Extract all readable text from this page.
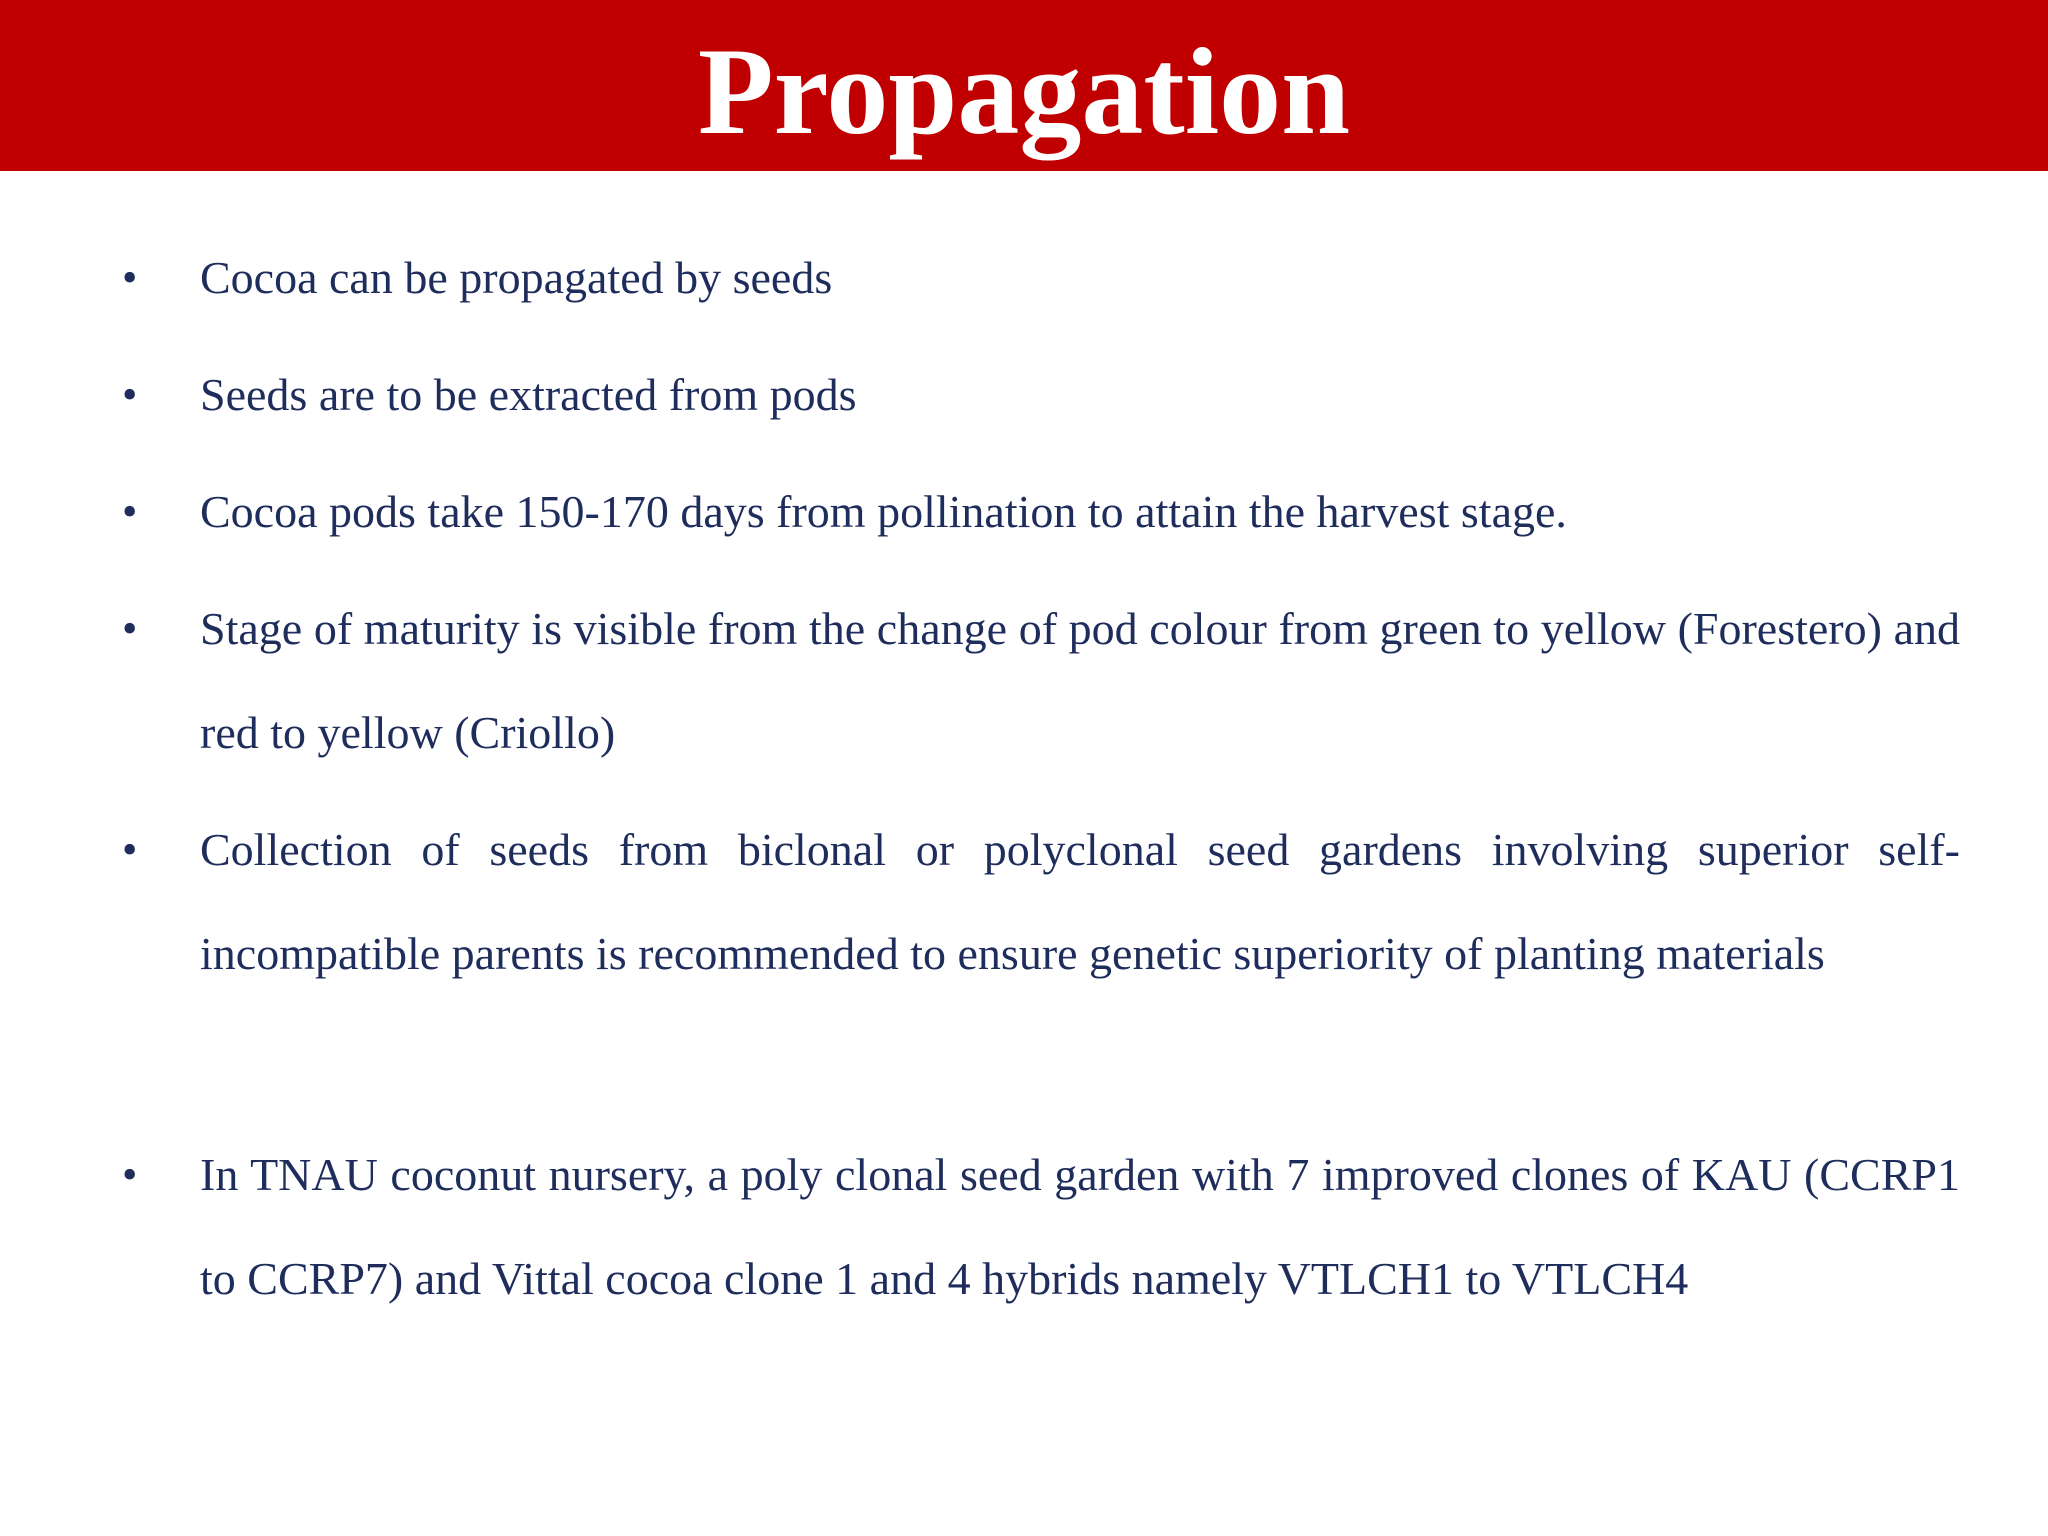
Propagation
• Cocoa can be propagated by seeds
• Seeds are to be extracted from pods
• Cocoa pods take 150-170 days from pollination to attain the harvest stage.
• Stage of maturity is visible from the change of pod colour from green to yellow (Forestero) and red to yellow (Criollo)
• Collection of seeds from biclonal or polyclonal seed gardens involving superior self-incompatible parents is recommended to ensure genetic superiority of planting materials
• In TNAU coconut nursery, a poly clonal seed garden with 7 improved clones of KAU (CCRP1 to CCRP7) and Vittal cocoa clone 1 and 4 hybrids namely VTLCH1 to VTLCH4
